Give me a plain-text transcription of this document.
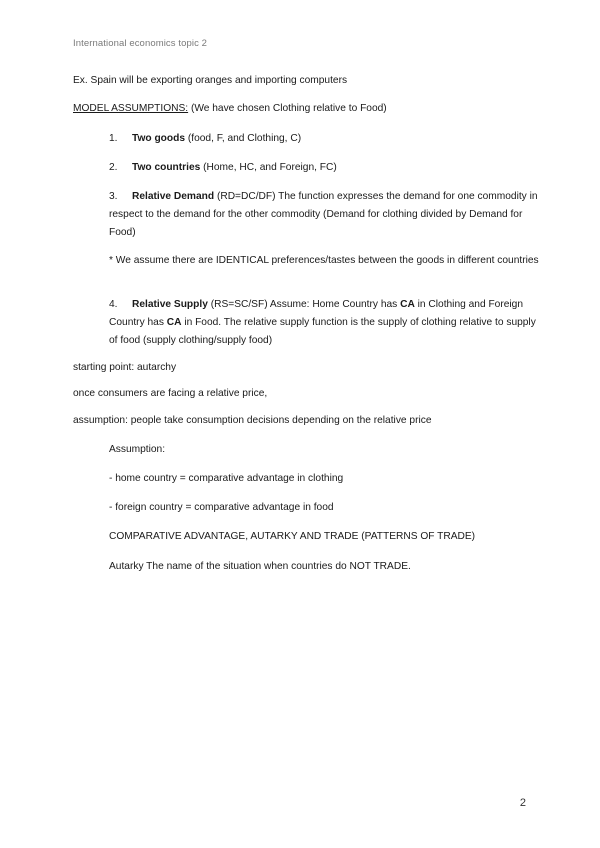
International economics topic 2
Ex. Spain will be exporting oranges and importing computers
MODEL ASSUMPTIONS: (We have chosen Clothing relative to Food)
1. Two goods (food, F, and Clothing, C)
2. Two countries (Home, HC, and Foreign, FC)
3. Relative Demand (RD=DC/DF) The function expresses the demand for one commodity in respect to the demand for the other commodity (Demand for clothing divided by Demand for Food)
* We assume there are IDENTICAL preferences/tastes between the goods in different countries
4. Relative Supply (RS=SC/SF) Assume: Home Country has CA in Clothing and Foreign Country has CA in Food. The relative supply function is the supply of clothing relative to supply of food (supply clothing/supply food)
starting point: autarchy
once consumers are facing a relative price,
assumption: people take consumption decisions depending on the relative price
Assumption:
- home country = comparative advantage in clothing
- foreign country = comparative advantage in food
COMPARATIVE ADVANTAGE, AUTARKY AND TRADE (PATTERNS OF TRADE)
Autarky The name of the situation when countries do NOT TRADE.
2
